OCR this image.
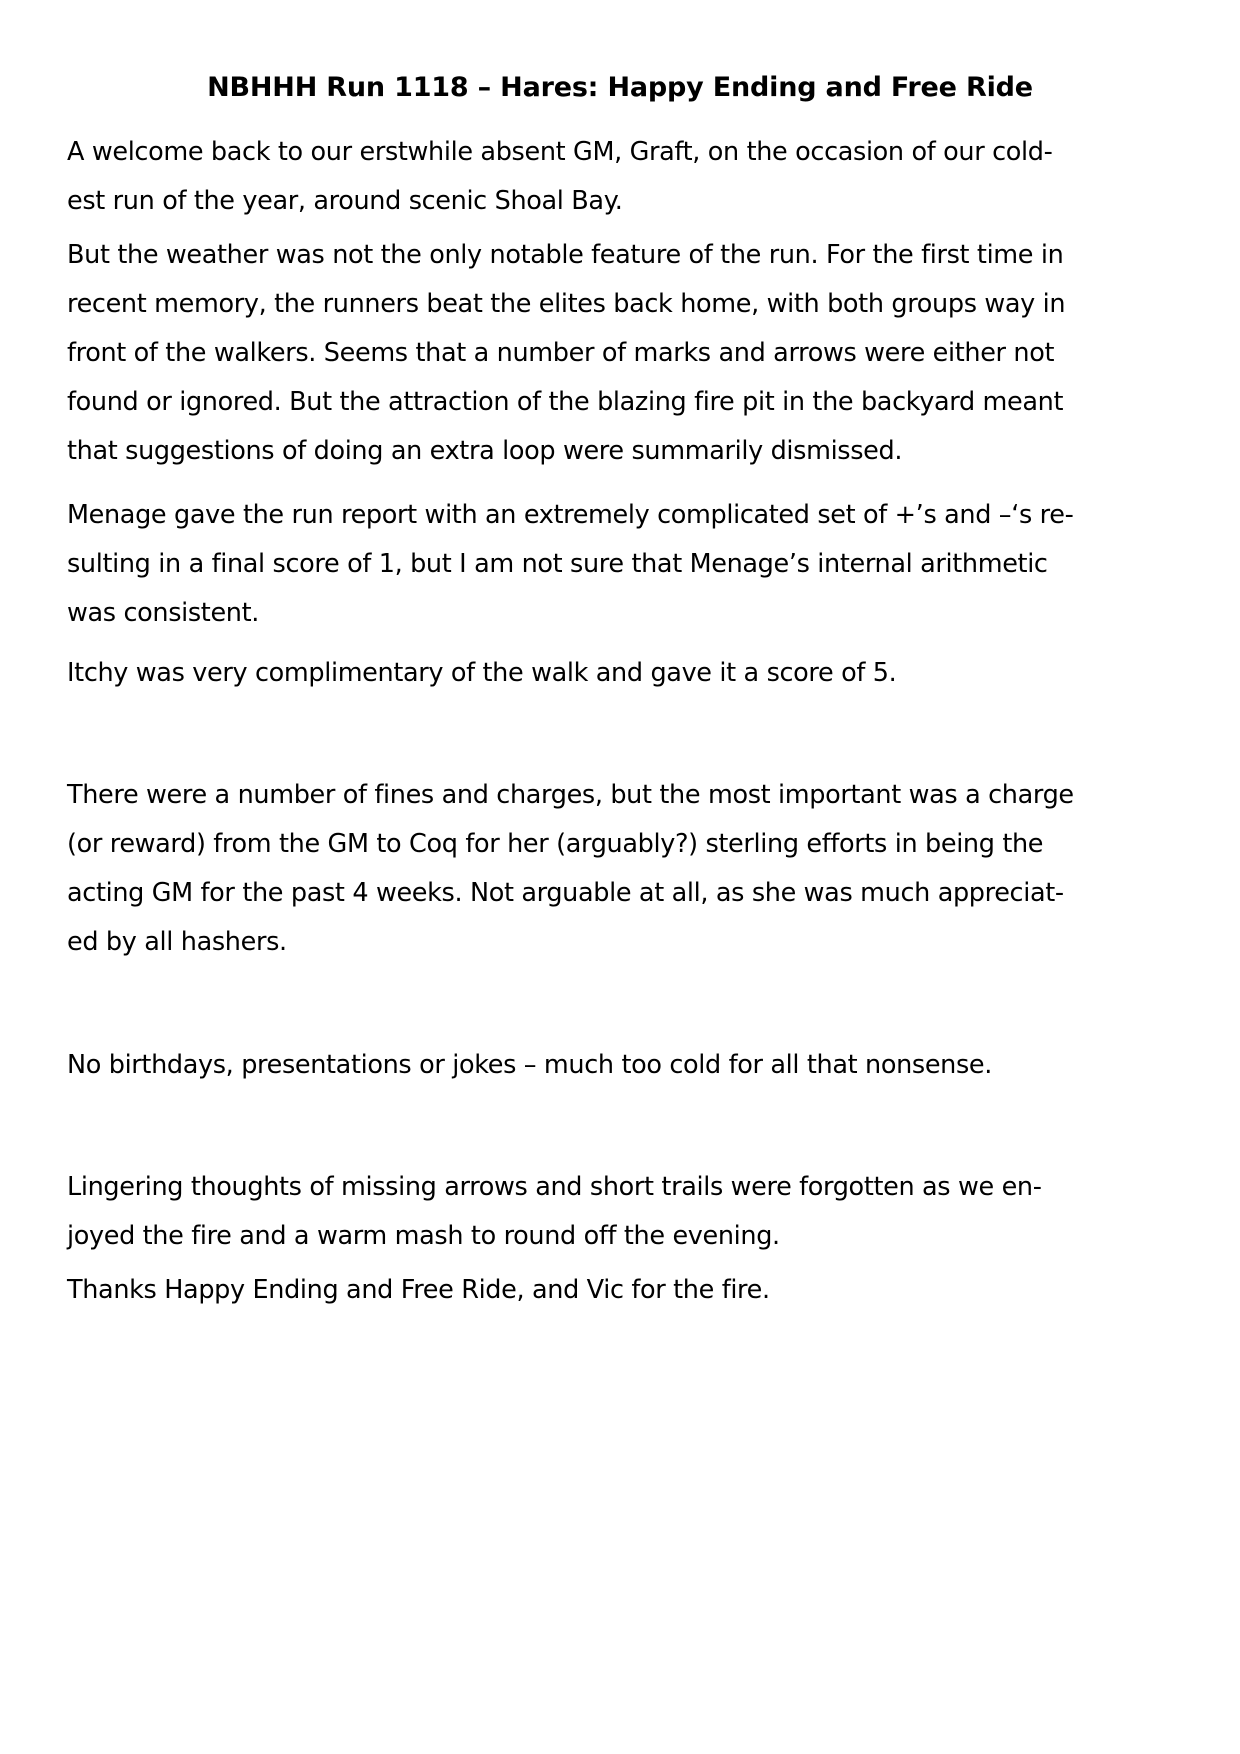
NBHHH Run 1118 – Hares: Happy Ending and Free Ride

A welcome back to our erstwhile absent GM, Graft, on the occasion of our cold-
est run of the year, around scenic Shoal Bay.

But the weather was not the only notable feature of the run. For the first time in
recent memory, the runners beat the elites back home, with both groups way in
front of the walkers. Seems that a number of marks and arrows were either not
found or ignored. But the attraction of the blazing fire pit in the backyard meant
that suggestions of doing an extra loop were summarily dismissed.

Menage gave the run report with an extremely complicated set of +’s and –‘s re-
sulting in a final score of 1, but I am not sure that Menage’s internal arithmetic
was consistent.

Itchy was very complimentary of the walk and gave it a score of 5.

There were a number of fines and charges, but the most important was a charge
(or reward) from the GM to Coq for her (arguably?) sterling efforts in being the
acting GM for the past 4 weeks. Not arguable at all, as she was much appreciat-
ed by all hashers.

No birthdays, presentations or jokes – much too cold for all that nonsense.

Lingering thoughts of missing arrows and short trails were forgotten as we en-
joyed the fire and a warm mash to round off the evening.

Thanks Happy Ending and Free Ride, and Vic for the fire.
